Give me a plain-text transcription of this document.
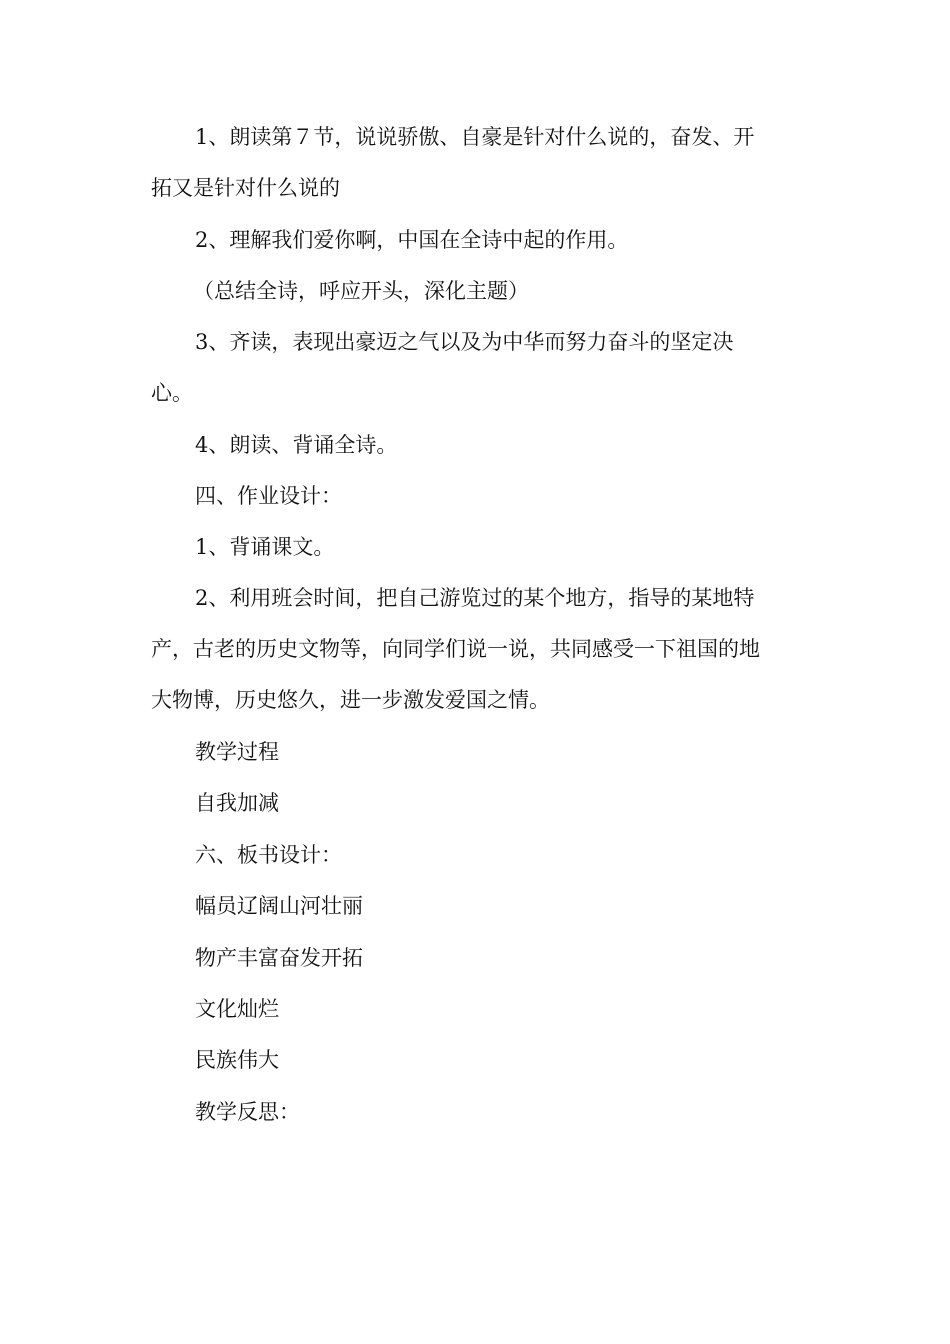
1、朗读第７节，说说骄傲、自豪是针对什么说的，奋发、开
拓又是针对什么说的
2、理解我们爱你啊，中国在全诗中起的作用。
（总结全诗，呼应开头，深化主题）
3、齐读，表现出豪迈之气以及为中华而努力奋斗的坚定决
心。
4、朗读、背诵全诗。
四、作业设计：
1、背诵课文。
2、利用班会时间，把自己游览过的某个地方，指导的某地特
产，古老的历史文物等，向同学们说一说，共同感受一下祖国的地
大物博，历史悠久，进一步激发爱国之情。
教学过程
自我加减
六、板书设计：
幅员辽阔山河壮丽
物产丰富奋发开拓
文化灿烂
民族伟大
教学反思：
